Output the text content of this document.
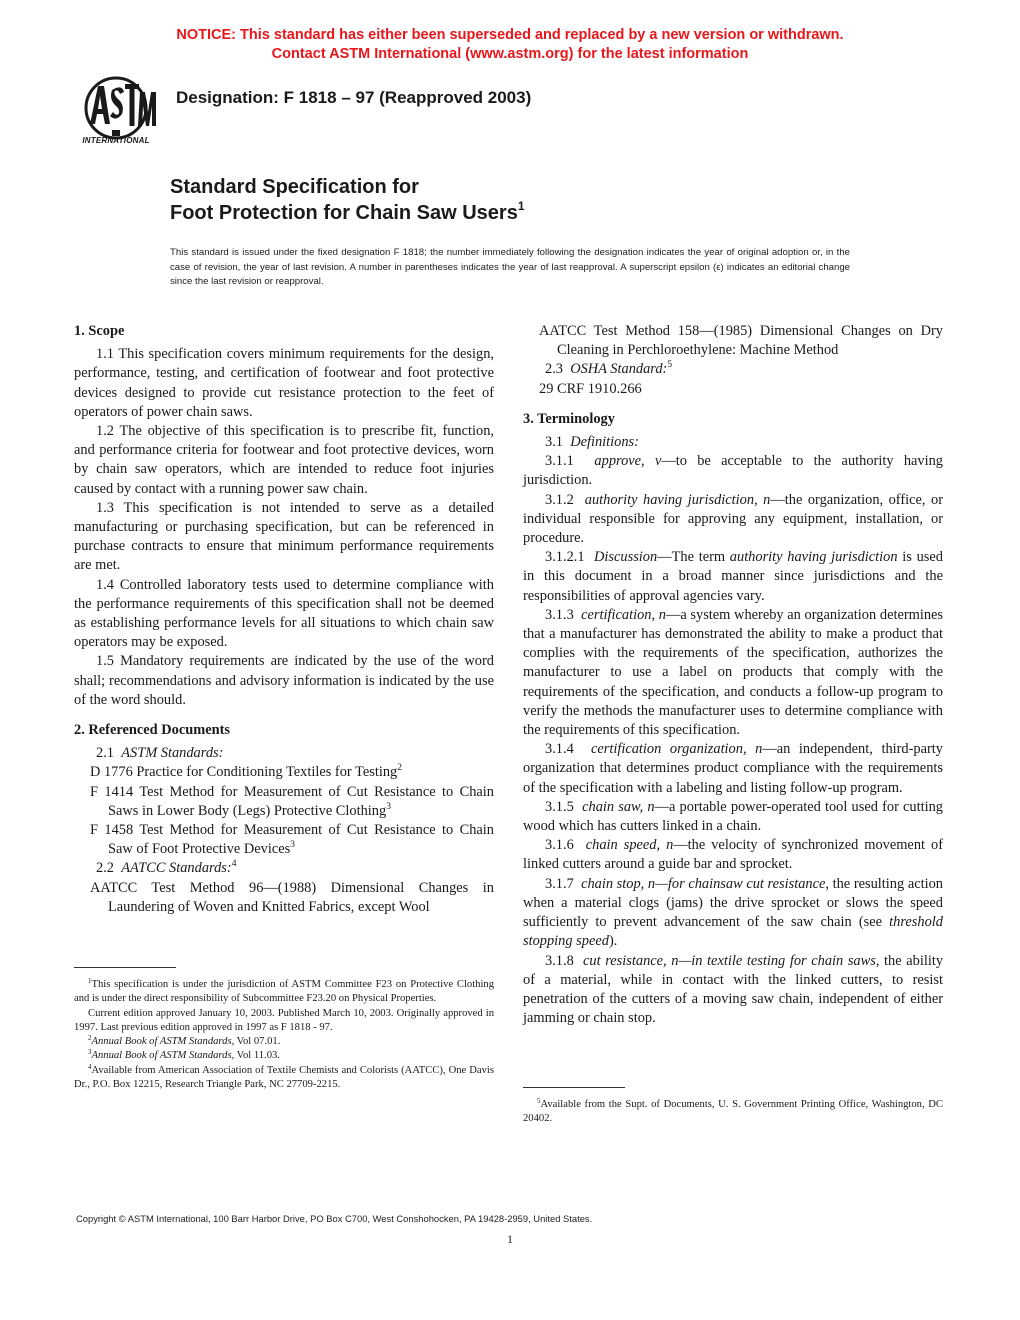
NOTICE: This standard has either been superseded and replaced by a new version or withdrawn.
Contact ASTM International (www.astm.org) for the latest information
INTERNATIONAL
Designation: F 1818 – 97 (Reapproved 2003)
Standard Specification for
Foot Protection for Chain Saw Users$^1$
This standard is issued under the fixed designation F 1818; the number immediately following the designation indicates the year of original adoption or, in the case of revision, the year of last revision. A number in parentheses indicates the year of last reapproval. A superscript epsilon (ϵ) indicates an editorial change since the last revision or reapproval.
1. Scope

1.1 This specification covers minimum requirements for the design, performance, testing, and certification of footwear and foot protective devices designed to provide cut resistance protection to the feet of operators of power chain saws.

1.2 The objective of this specification is to prescribe fit, function, and performance criteria for footwear and foot protective devices, worn by chain saw operators, which are intended to reduce foot injuries caused by contact with a running power saw chain.

1.3 This specification is not intended to serve as a detailed manufacturing or purchasing specification, but can be referenced in purchase contracts to ensure that minimum performance requirements are met.

1.4 Controlled laboratory tests used to determine compliance with the performance requirements of this specification shall not be deemed as establishing performance levels for all situations to which chain saw operators may be exposed.

1.5 Mandatory requirements are indicated by the use of the word shall; recommendations and advisory information is indicated by the use of the word should.

2. Referenced Documents

2.1 ASTM Standards:

D 1776 Practice for Conditioning Textiles for Testing$^2$
F 1414 Test Method for Measurement of Cut Resistance to Chain Saws in Lower Body (Legs) Protective Clothing$^3$
F 1458 Test Method for Measurement of Cut Resistance to Chain Saw of Foot Protective Devices$^3$

2.2 AATCC Standards:$^4$

AATCC Test Method 96—(1988) Dimensional Changes in Laundering of Woven and Knitted Fabrics, except Wool

$^1$This specification is under the jurisdiction of ASTM Committee F23 on Protective Clothing and is under the direct responsibility of Subcommittee F23.20 on Physical Properties.

Current edition approved January 10, 2003. Published March 10, 2003. Originally approved in 1997. Last previous edition approved in 1997 as F 1818 - 97.

$^2$Annual Book of ASTM Standards, Vol 07.01.

$^3$Annual Book of ASTM Standards, Vol 11.03.

$^4$Available from American Association of Textile Chemists and Colorists (AATCC), One Davis Dr., P.O. Box 12215, Research Triangle Park, NC 27709-2215.

AATCC Test Method 158—(1985) Dimensional Changes on Dry Cleaning in Perchloroethylene: Machine Method

2.3 OSHA Standard:$^5$

29 CRF 1910.266
3. Terminology

3.1 Definitions:

3.1.1 approve, v—to be acceptable to the authority having jurisdiction.

3.1.2 authority having jurisdiction, n—the organization, office, or individual responsible for approving any equipment, installation, or procedure.

3.1.2.1 Discussion—The term authority having jurisdiction is used in this document in a broad manner since jurisdictions and the responsibilities of approval agencies vary.

3.1.3 certification, n—a system whereby an organization determines that a manufacturer has demonstrated the ability to make a product that complies with the requirements of the specification, authorizes the manufacturer to use a label on products that comply with the requirements of the specification, and conducts a follow-up program to verify the methods the manufacturer uses to determine compliance with the requirements of this specification.

3.1.4 certification organization, n—an independent, third-party organization that determines product compliance with the requirements of the specification with a labeling and listing follow-up program.

3.1.5 chain saw, n—a portable power-operated tool used for cutting wood which has cutters linked in a chain.

3.1.6 chain speed, n—the velocity of synchronized movement of linked cutters around a guide bar and sprocket.

3.1.7 chain stop, n—for chainsaw cut resistance, the resulting action when a material clogs (jams) the drive sprocket or slows the speed sufficiently to prevent advancement of the saw chain (see threshold stopping speed).

3.1.8 cut resistance, n—in textile testing for chain saws, the ability of a material, while in contact with the linked cutters, to resist penetration of the cutters of a moving saw chain, independent of either jamming or chain stop.

$^5$Available from the Supt. of Documents, U. S. Government Printing Office, Washington, DC 20402.

Copyright © ASTM International, 100 Barr Harbor Drive, PO Box C700, West Conshohocken, PA 19428-2959, United States.
1
